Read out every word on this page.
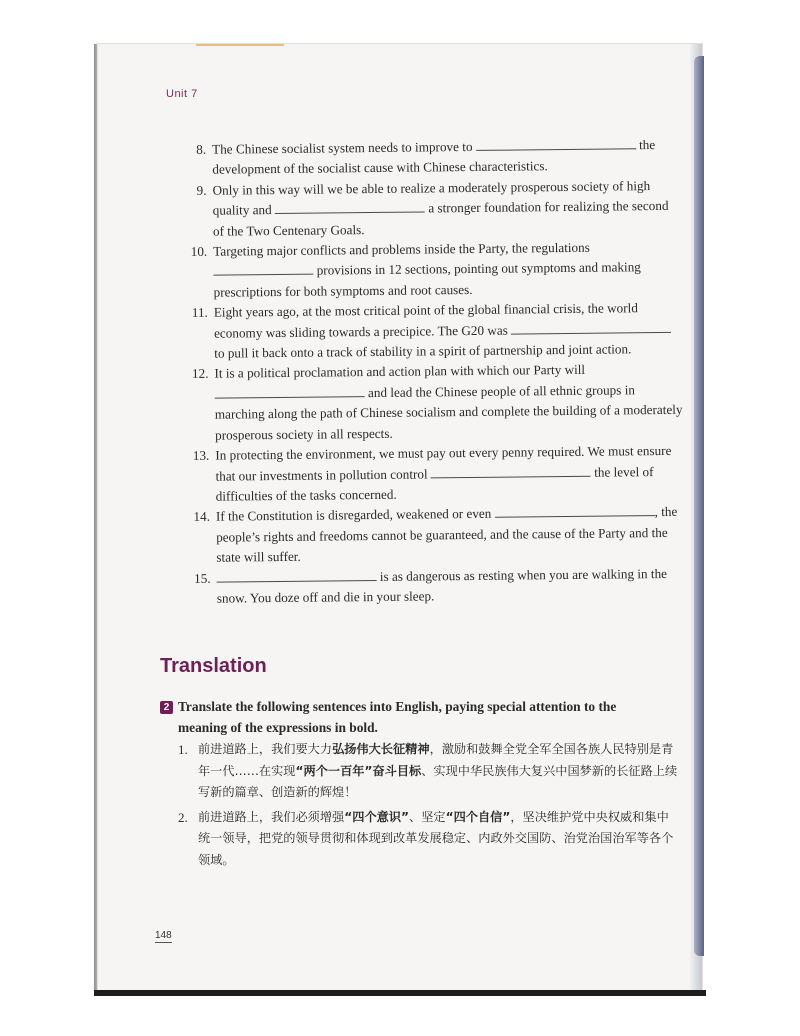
Unit 7
8. The Chinese socialist system needs to improve to	the development of the socialist cause with Chinese characteristics.
9. Only in this way will we be able to realize a moderately prosperous society of high quality and	a stronger foundation for realizing the second of the Two Centenary Goals.
10. Targeting major conflicts and problems inside the Party, the regulations  provisions in 12 sections, pointing out symptoms and making prescriptions for both symptoms and root causes.
11. Eight years ago, at the most critical point of the global financial crisis, the world economy was sliding towards a precipice. The G20 was  to pull it back onto a track of stability in a spirit of partnership and joint action.
12. It is a political proclamation and action plan with which our Party will  and lead the Chinese people of all ethnic groups in marching along the path of Chinese socialism and complete the building of a moderately prosperous society in all respects.
13. In protecting the environment, we must pay out every penny required. We must ensure that our investments in pollution control	the level of difficulties of the tasks concerned.
14. If the Constitution is disregarded, weakened or even	, the people’s rights and freedoms cannot be guaranteed, and the cause of the Party and the state will suffer.
15.	is as dangerous as resting when you are walking in the snow. You doze off and die in your sleep.
Translation
2 Translate the following sentences into English, paying special attention to the
meaning of the expressions in bold.
1. 前进道路上，我们要大力弘扬伟大长征精神，激励和鼓舞全党全军全国各族人民特别是青年一代……在实现“两个一百年”奋斗目标、实现中华民族伟大复兴中国梦新的长征路上续写新的篇章、创造新的辉煌！
2. 前进道路上，我们必须增强“四个意识”、坚定“四个自信”，坚决维护党中央权威和集中统一领导，把党的领导贯彻和体现到改革发展稳定、内政外交国防、治党治国治军等各个领域。
148
